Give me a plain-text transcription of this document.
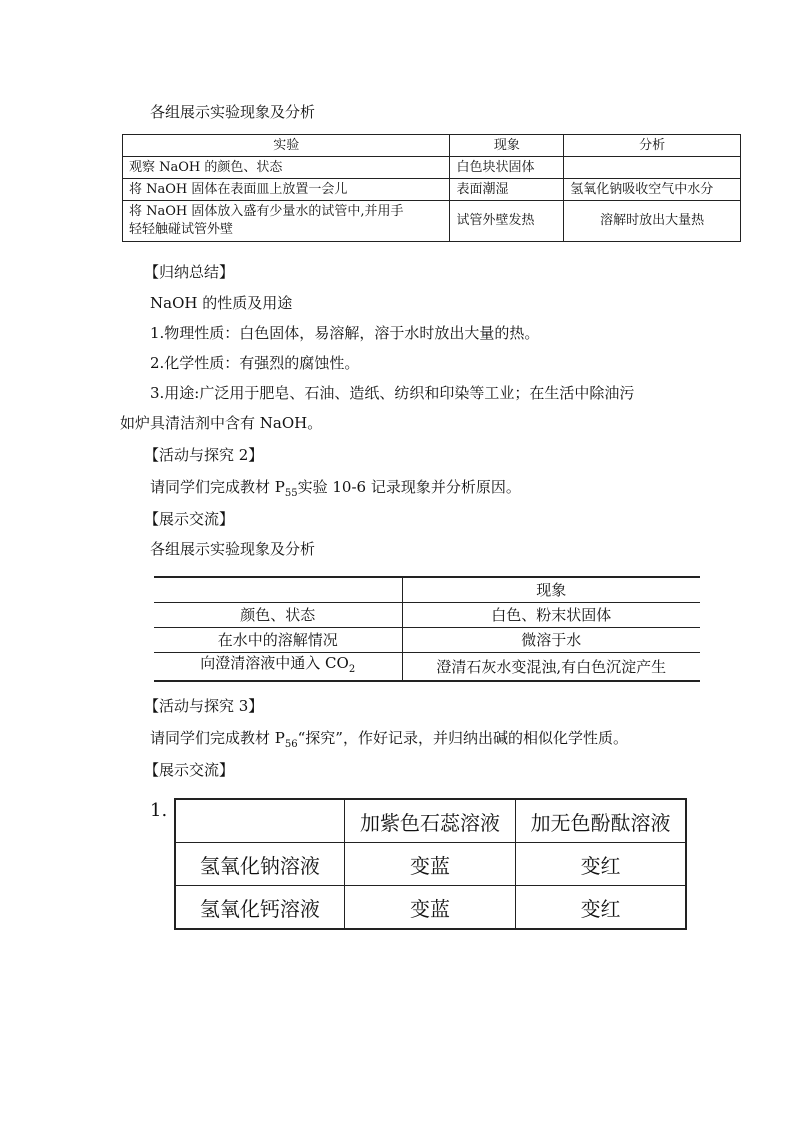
各组展示实验现象及分析

实验	现象	分析
观察 NaOH 的颜色、状态	白色块状固体	
将 NaOH 固体在表面皿上放置一会儿	表面潮湿	氢氧化钠吸收空气中水分

将 NaOH 固体放入盛有少量水的试管中,并用手
轻轻触碰试管外壁	试管外壁发热	溶解时放出大量热

【归纳总结】

NaOH 的性质及用途

1.物理性质：白色固体，易溶解，溶于水时放出大量的热。

2.化学性质：有强烈的腐蚀性。

3.用途:广泛用于肥皂、石油、造纸、纺织和印染等工业；在生活中除油污

如炉具清洁剂中含有 NaOH。

【活动与探究 2】

请同学们完成教材 $P_{55}$实验 10-6 记录现象并分析原因。

【展示交流】

各组展示实验现象及分析

	现象
颜色、状态	白色、粉末状固体
在水中的溶解情况	微溶于水
向澄清溶液中通入 $CO_2$	澄清石灰水变混浊,有白色沉淀产生

【活动与探究 3】

请同学们完成教材 $P_{56}“$探究”，作好记录，并归纳出碱的相似化学性质。

【展示交流】

1.
		加紫色石蕊溶液	加无色酚酞溶液
氢氧化钠溶液	变蓝	变红
氢氧化钙溶液	变蓝	变红
